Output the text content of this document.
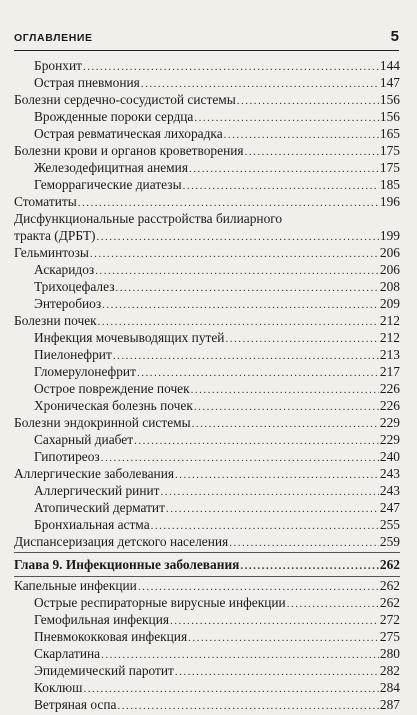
ОГЛАВЛЕНИЕ	5
Бронхит .....	144
Острая пневмония .....	147
Болезни сердечно-сосудистой системы .....	156
Врожденные пороки сердца .....	156
Острая ревматическая лихорадка .....	165
Болезни крови и органов кроветворения .....	175
Железодефицитная анемия .....	175
Геморрагические диатезы .....	185
Стоматиты .....	196
Дисфункциональные расстройства билиарного
тракта (ДРБТ) .....	199
Гельминтозы .....	206
Аскаридоз .....	206
Трихоцефалез .....	208
Энтеробиоз .....	209
Болезни почек .....	212
Инфекция мочевыводящих путей .....	212
Пиелонефрит .....	213
Гломерулонефрит .....	217
Острое повреждение почек .....	226
Хроническая болезнь почек .....	226
Болезни эндокринной системы .....	229
Сахарный диабет .....	229
Гипотиреоз .....	240
Аллергические заболевания .....	243
Аллергический ринит .....	243
Атопический дерматит .....	247
Бронхиальная астма .....	255
Диспансеризация детского населения .....	259
Глава 9. Инфекционные заболевания .....	262
Капельные инфекции .....	262
Острые респираторные вирусные инфекции .....	262
Гемофильная инфекция .....	272
Пневмококковая инфекция .....	275
Скарлатина .....	280
Эпидемический паротит .....	282
Коклюш .....	284
Ветряная оспа .....	287
